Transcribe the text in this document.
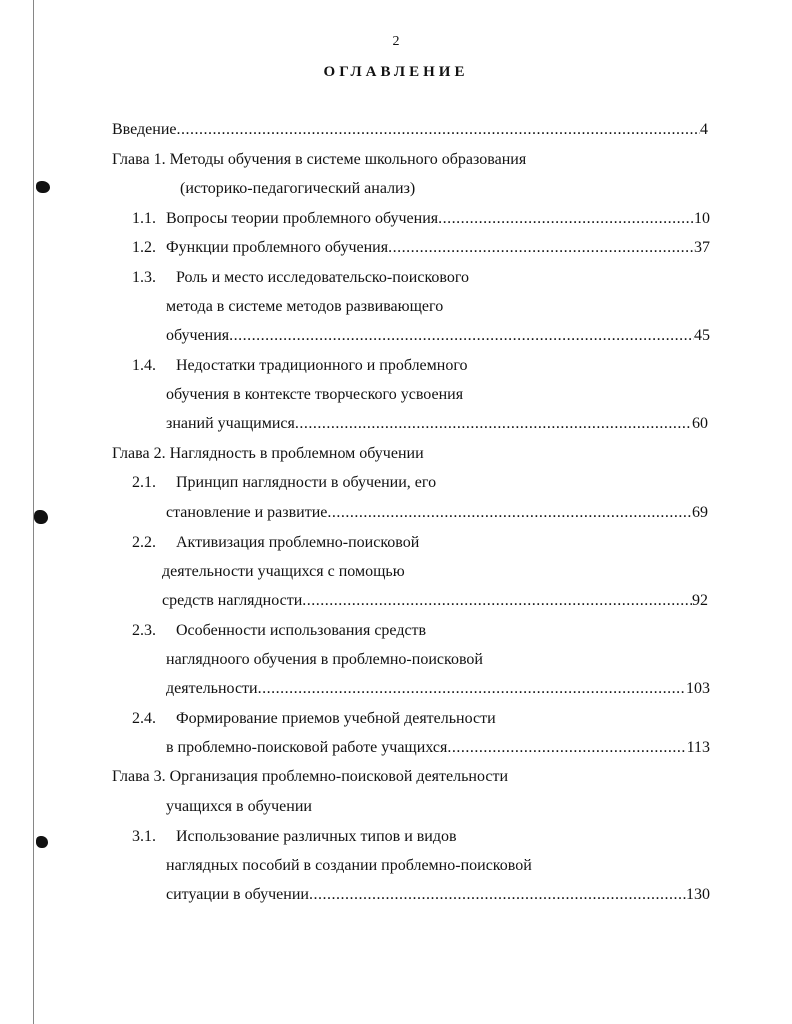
2
ОГЛАВЛЕНИЕ
Введение .....	4
Глава 1. Методы обучения в системе школьного образования
(историко-педагогический анализ)
1.1. Вопросы теории проблемного обучения .....	10
1.2. Функции проблемного обучения .....	37
1.3. Роль и место исследовательско-поискового
метода в системе методов развивающего
обучения .....	45
1.4. Недостатки традиционного и проблемного
обучения в контексте творческого усвоения
знаний учащимися .....	60
Глава 2. Наглядность в проблемном обучении
2.1. Принцип наглядности в обучении, его
становление и развитие .....	69
2.2. Активизация проблемно-поисковой
деятельности учащихся с помощью
средств наглядности .....	92
2.3. Особенности использования средств
наглядноого обучения в проблемно-поисковой
деятельности .....	103
2.4. Формирование приемов учебной деятельности
в проблемно-поисковой работе учащихся .....	113
Глава 3. Организация проблемно-поисковой деятельности
учащихся в обучении
3.1. Использование различных типов и видов
наглядных пособий в создании проблемно-поисковой
ситуации в обучении .....	130
